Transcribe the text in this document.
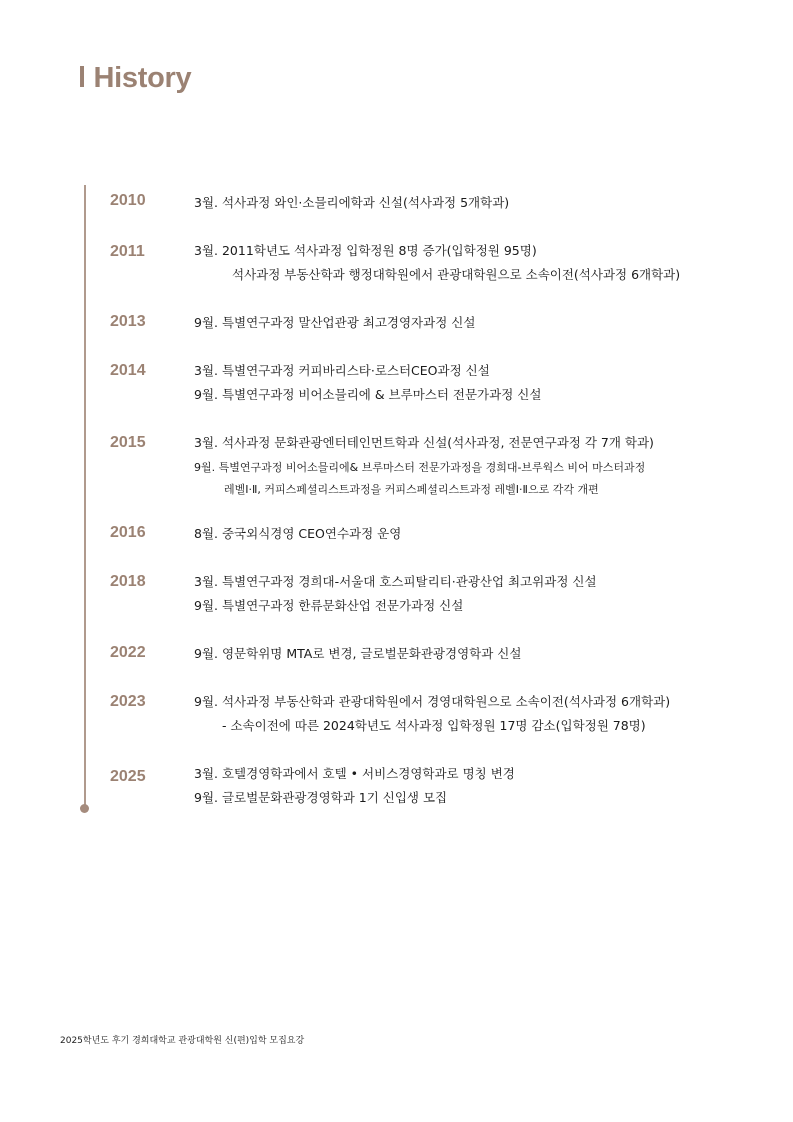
l History
2010	3월. 석사과정 와인·소믈리에학과 신설(석사과정 5개학과)
2011	3월. 2011학년도 석사과정 입학정원 8명 증가(입학정원 95명)
석사과정 부동산학과 행정대학원에서 관광대학원으로 소속이전(석사과정 6개학과)
2013	9월. 특별연구과정 말산업관광 최고경영자과정 신설
2014	3월. 특별연구과정 커피바리스타·로스터CEO과정 신설
9월. 특별연구과정 비어소믈리에 & 브루마스터 전문가과정 신설
2015	3월. 석사과정 문화관광엔터테인먼트학과 신설(석사과정, 전문연구과정 각 7개 학과)
9월. 특별연구과정 비어소믈리에& 브루마스터 전문가과정을 경희대-브루웍스 비어 마스터과정
레벨Ⅰ·Ⅱ, 커피스페셜리스트과정을 커피스페셜리스트과정 레벨Ⅰ·Ⅱ으로 각각 개편
2016	8월. 중국외식경영 CEO연수과정 운영
2018	3월. 특별연구과정 경희대-서울대 호스피탈리티·관광산업 최고위과정 신설
9월. 특별연구과정 한류문화산업 전문가과정 신설
2022	9월. 영문학위명 MTA로 변경, 글로벌문화관광경영학과 신설
2023	9월. 석사과정 부동산학과 관광대학원에서 경영대학원으로 소속이전(석사과정 6개학과)
- 소속이전에 따른 2024학년도 석사과정 입학정원 17명 감소(입학정원 78명)
2025	3월. 호텔경영학과에서 호텔 • 서비스경영학과로 명칭 변경
9월. 글로벌문화관광경영학과 1기 신입생 모집
2025학년도 후기 경희대학교 관광대학원 신(편)입학 모집요강
